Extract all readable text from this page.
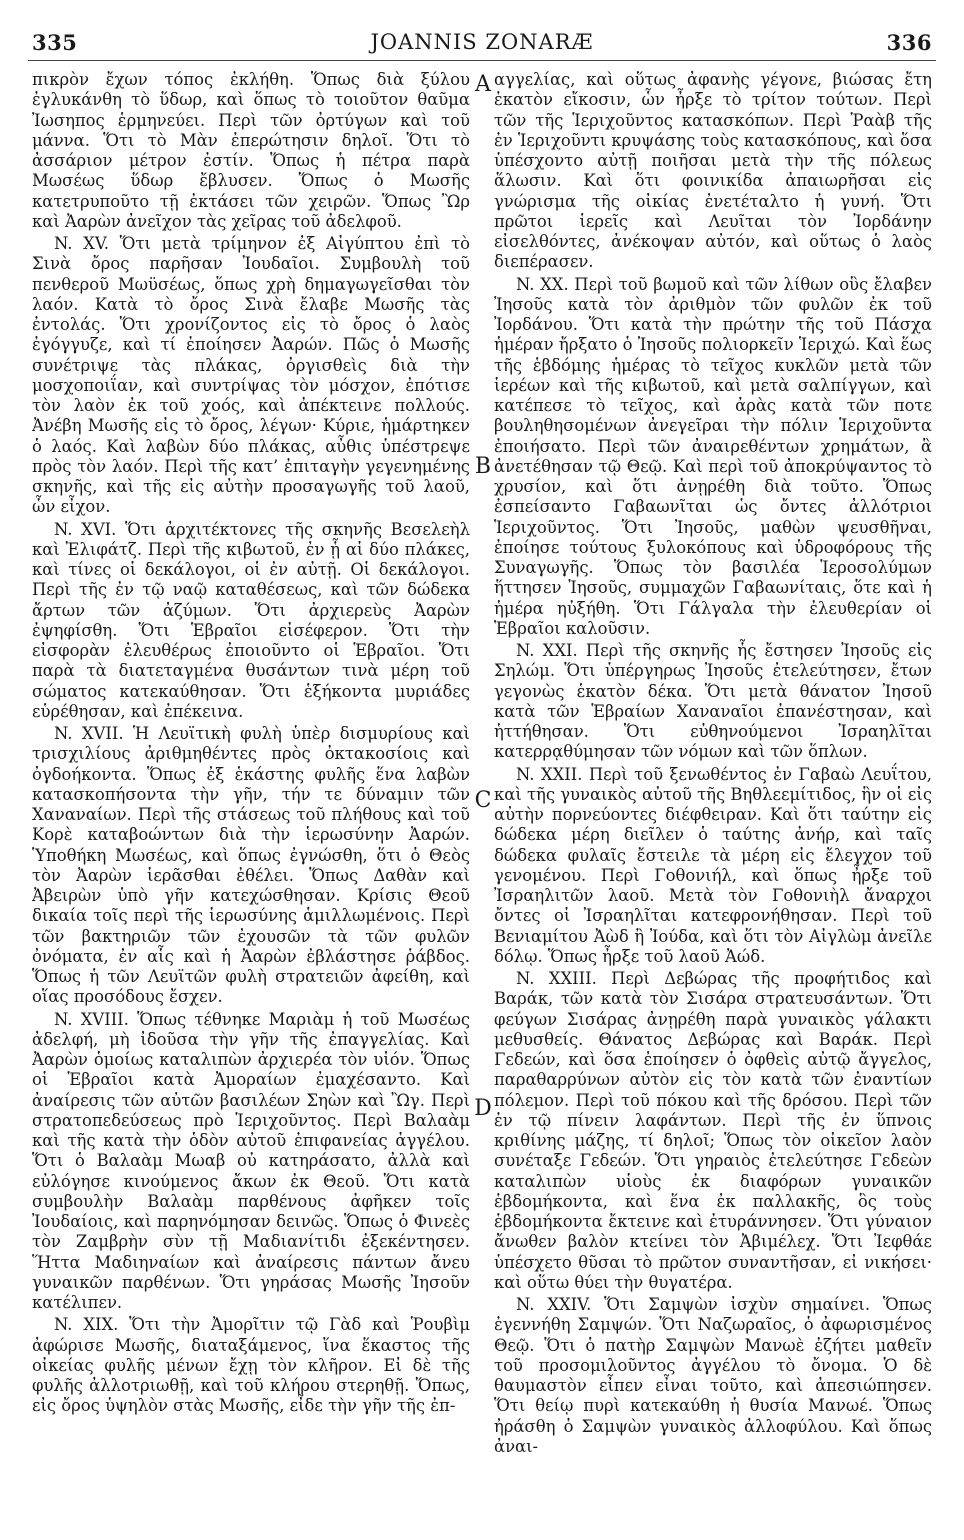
335	JOANNIS ZONARÆ	336

πικρὸν ἔχων τόπος ἐκλήθη. Ὅπως διὰ ξύλου ἐγλυκάνθη τὸ ὕδωρ, καὶ ὅπως τὸ τοιοῦτον θαῦμα Ἰωσηπος ἑρμηνεύει. Περὶ τῶν ὀρτύγων καὶ τοῦ μάννα. Ὅτι τὸ Μὰν ἐπερώτησιν δηλοῖ. Ὅτι τὸ ἀσσάριον μέτρον ἐστίν. Ὅπως ἡ πέτρα παρὰ Μωσέως ὕδωρ ἔβλυσεν. Ὅπως ὁ Μωσῆς κατετρυποῦτο τῇ ἐκτάσει τῶν χειρῶν. Ὅπως Ὢρ καὶ Ἀαρὼν ἀνεῖχον τὰς χεῖρας τοῦ ἀδελφοῦ.

N. XV. Ὅτι μετὰ τρίμηνον ἐξ Αἰγύπτου ἐπὶ τὸ Σινὰ ὄρος παρῆσαν Ἰουδαῖοι. Συμβουλὴ τοῦ πενθεροῦ Μωϋσέως, ὅπως χρὴ δημαγωγεῖσθαι τὸν λαόν. Κατὰ τὸ ὄρος Σινὰ ἔλαβε Μωσῆς τὰς ἐντολάς. Ὅτι χρονίζοντος εἰς τὸ ὄρος ὁ λαὸς ἐγόγγυζε, καὶ τί ἐποίησεν Ἀαρών. Πῶς ὁ Μωσῆς συνέτριψε τὰς πλάκας, ὀργισθεὶς διὰ τὴν μοσχοποιΐαν, καὶ συντρίψας τὸν μόσχον, ἐπότισε τὸν λαὸν ἐκ τοῦ χοός, καὶ ἀπέκτεινε πολλούς. Ἀνέβη Μωσῆς εἰς τὸ ὄρος, λέγων· Κύριε, ἡμάρτηκεν ὁ λαός. Καὶ λαβὼν δύο πλάκας, αὖθις ὑπέστρεψε πρὸς τὸν λαόν. Περὶ τῆς κατ’ ἐπιταγὴν γεγενημένης σκηνῆς, καὶ τῆς εἰς αὐτὴν προσαγωγῆς τοῦ λαοῦ, ὧν εἶχον.

N. XVI. Ὅτι ἀρχιτέκτονες τῆς σκηνῆς Βεσελεὴλ καὶ Ἐλιφάτζ. Περὶ τῆς κιβωτοῦ, ἐν ᾗ αἱ δύο πλάκες, καὶ τίνες οἱ δεκάλογοι, οἱ ἐν αὐτῇ. Οἱ δεκάλογοι. Περὶ τῆς ἐν τῷ ναῷ καταθέσεως, καὶ τῶν δώδεκα ἄρτων τῶν ἀζύμων. Ὅτι ἀρχιερεὺς Ἀαρὼν ἐψηφίσθη. Ὅτι Ἑβραῖοι εἰσέφερον. Ὅτι τὴν εἰσφορὰν ἐλευθέρως ἐποιοῦντο οἱ Ἑβραῖοι. Ὅτι παρὰ τὰ διατεταγμένα θυσάντων τινὰ μέρη τοῦ σώματος κατεκαύθησαν. Ὅτι ἑξήκοντα μυριάδες εὑρέθησαν, καὶ ἐπέκεινα.

N. XVII. Ἡ Λευϊτικὴ φυλὴ ὑπὲρ δισμυρίους καὶ τρισχιλίους ἀριθμηθέντες πρὸς ὀκτακοσίοις καὶ ὀγδοήκοντα. Ὅπως ἐξ ἑκάστης φυλῆς ἕνα λαβὼν κατασκοπήσοντα τὴν γῆν, τήν τε δύναμιν τῶν Χαναναίων. Περὶ τῆς στάσεως τοῦ πλήθους καὶ τοῦ Κορὲ καταβοώντων διὰ τὴν ἱερωσύνην Ἀαρών. Ὑποθήκη Μωσέως, καὶ ὅπως ἐγνώσθη, ὅτι ὁ Θεὸς τὸν Ἀαρὼν ἱερᾶσθαι ἐθέλει. Ὅπως Δαθὰν καὶ Ἀβειρὼν ὑπὸ γῆν κατεχώσθησαν. Κρίσις Θεοῦ δικαία τοῖς περὶ τῆς ἱερωσύνης ἁμιλλωμένοις. Περὶ τῶν βακτηριῶν τῶν ἐχουσῶν τὰ τῶν φυλῶν ὀνόματα, ἐν αἷς καὶ ἡ Ἀαρὼν ἐβλάστησε ῥάβδος. Ὅπως ἡ τῶν Λευϊτῶν φυλὴ στρατειῶν ἀφείθη, καὶ οἵας προσόδους ἔσχεν.

N. XVIII. Ὅπως τέθνηκε Μαριὰμ ἡ τοῦ Μωσέως ἀδελφή, μὴ ἰδοῦσα τὴν γῆν τῆς ἐπαγγελίας. Καὶ Ἀαρὼν ὁμοίως καταλιπὼν ἀρχιερέα τὸν υἱόν. Ὅπως οἱ Ἑβραῖοι κατὰ Ἀμοραίων ἐμαχέσαντο. Καὶ ἀναίρεσις τῶν αὐτῶν βασιλέων Σηὼν καὶ Ὢγ. Περὶ στρατοπεδεύσεως πρὸ Ἱεριχοῦντος. Περὶ Βαλαὰμ καὶ τῆς κατὰ τὴν ὁδὸν αὐτοῦ ἐπιφανείας ἀγγέλου. Ὅτι ὁ Βαλαὰμ Μωαβ οὐ κατηράσατο, ἀλλὰ καὶ εὐλόγησε κινούμενος ἄκων ἐκ Θεοῦ. Ὅτι κατὰ συμβουλὴν Βαλαὰμ παρθένους ἀφῆκεν τοῖς Ἰουδαίοις, καὶ παρηνόμησαν δεινῶς. Ὅπως ὁ Φινεὲς τὸν Ζαμβρὴν σὺν τῇ Μαδιανίτιδι ἐξεκέντησεν. Ἥττα Μαδιηναίων καὶ ἀναίρεσις πάντων ἄνευ γυναικῶν παρθένων. Ὅτι γηράσας Μωσῆς Ἰησοῦν κατέλιπεν.

N. XIX. Ὅτι τὴν Ἀμορῖτιν τῷ Γὰδ καὶ Ῥουβὶμ ἀφώρισε Μωσῆς, διαταξάμενος, ἵνα ἕκαστος τῆς οἰκείας φυλῆς μένων ἔχῃ τὸν κλῆρον. Εἰ δὲ τῆς φυλῆς ἀλλοτριωθῇ, καὶ τοῦ κλήρου στερηθῇ. Ὅπως, εἰς ὄρος ὑψηλὸν στὰς Μωσῆς, εἶδε τὴν γῆν τῆς ἐπ-

A
B
C
D

αγγελίας, καὶ οὕτως ἀφανὴς γέγονε, βιώσας ἔτη ἑκατὸν εἴκοσιν, ὧν ἦρξε τὸ τρίτον τούτων. Περὶ τῶν τῆς Ἱεριχοῦντος κατασκόπων. Περὶ Ῥαὰβ τῆς ἐν Ἱεριχοῦντι κρυψάσης τοὺς κατασκόπους, καὶ ὅσα ὑπέσχοντο αὐτῇ ποιῆσαι μετὰ τὴν τῆς πόλεως ἅλωσιν. Καὶ ὅτι φοινικίδα ἀπαιωρῆσαι εἰς γνώρισμα τῆς οἰκίας ἐνετέταλτο ἡ γυνή. Ὅτι πρῶτοι ἱερεῖς καὶ Λευῖται τὸν Ἰορδάνην εἰσελθόντες, ἀνέκοψαν αὐτόν, καὶ οὕτως ὁ λαὸς διεπέρασεν.

N. XX. Περὶ τοῦ βωμοῦ καὶ τῶν λίθων οὓς ἔλαβεν Ἰησοῦς κατὰ τὸν ἀριθμὸν τῶν φυλῶν ἐκ τοῦ Ἰορδάνου. Ὅτι κατὰ τὴν πρώτην τῆς τοῦ Πάσχα ἡμέραν ἤρξατο ὁ Ἰησοῦς πολιορκεῖν Ἱεριχώ. Καὶ ἕως τῆς ἑβδόμης ἡμέρας τὸ τεῖχος κυκλῶν μετὰ τῶν ἱερέων καὶ τῆς κιβωτοῦ, καὶ μετὰ σαλπίγγων, καὶ κατέπεσε τὸ τεῖχος, καὶ ἀρὰς κατὰ τῶν ποτε βουληθησομένων ἀνεγεῖραι τὴν πόλιν Ἱεριχοῦντα ἐποιήσατο. Περὶ τῶν ἀναιρεθέντων χρημάτων, ἃ ἀνετέθησαν τῷ Θεῷ. Καὶ περὶ τοῦ ἀποκρύψαντος τὸ χρυσίον, καὶ ὅτι ἀνῃρέθη διὰ τοῦτο. Ὅπως ἐσπείσαντο Γαβαωνῖται ὡς ὄντες ἀλλότριοι Ἱεριχοῦντος. Ὅτι Ἰησοῦς, μαθὼν ψευσθῆναι, ἐποίησε τούτους ξυλοκόπους καὶ ὑδροφόρους τῆς Συναγωγῆς. Ὅπως τὸν βασιλέα Ἱεροσολύμων ἥττησεν Ἰησοῦς, συμμαχῶν Γαβαωνίταις, ὅτε καὶ ἡ ἡμέρα ηὐξήθη. Ὅτι Γάλγαλα τὴν ἐλευθερίαν οἱ Ἑβραῖοι καλοῦσιν.

N. XXI. Περὶ τῆς σκηνῆς ἧς ἔστησεν Ἰησοῦς εἰς Σηλώμ. Ὅτι ὑπέργηρως Ἰησοῦς ἐτελεύτησεν, ἔτων γεγονὼς ἑκατὸν δέκα. Ὅτι μετὰ θάνατον Ἰησοῦ κατὰ τῶν Ἑβραίων Χαναναῖοι ἐπανέστησαν, καὶ ἡττήθησαν. Ὅτι εὐθηνούμενοι Ἰσραηλῖται κατερρᾳθύμησαν τῶν νόμων καὶ τῶν ὅπλων.

N. XXII. Περὶ τοῦ ξενωθέντος ἐν Γαβαὼ Λευΐτου, καὶ τῆς γυναικὸς αὐτοῦ τῆς Βηθλεεμίτιδος, ἣν οἱ εἰς αὐτὴν πορνεύοντες διέφθειραν. Καὶ ὅτι ταύτην εἰς δώδεκα μέρη διεῖλεν ὁ ταύτης ἀνήρ, καὶ ταῖς δώδεκα φυλαῖς ἔστειλε τὰ μέρη εἰς ἔλεγχον τοῦ γενομένου. Περὶ Γοθονιήλ, καὶ ὅπως ἦρξε τοῦ Ἰσραηλιτῶν λαοῦ. Μετὰ τὸν Γοθονιὴλ ἄναρχοι ὄντες οἱ Ἰσραηλῖται κατεφρονήθησαν. Περὶ τοῦ Βενιαμίτου Ἀὼδ ἢ Ἰούδα, καὶ ὅτι τὸν Αἰγλὼμ ἀνεῖλε δόλῳ. Ὅπως ἦρξε τοῦ λαοῦ Ἀώδ.

N. XXIII. Περὶ Δεβώρας τῆς προφήτιδος καὶ Βαράκ, τῶν κατὰ τὸν Σισάρα στρατευσάντων. Ὅτι φεύγων Σισάρας ἀνῃρέθη παρὰ γυναικὸς γάλακτι μεθυσθείς. Θάνατος Δεβώρας καὶ Βαράκ. Περὶ Γεδεών, καὶ ὅσα ἐποίησεν ὁ ὀφθεὶς αὐτῷ ἄγγελος, παραθαρρύνων αὐτὸν εἰς τὸν κατὰ τῶν ἐναντίων πόλεμον. Περὶ τοῦ πόκου καὶ τῆς δρόσου. Περὶ τῶν ἐν τῷ πίνειν λαφάντων. Περὶ τῆς ἐν ὕπνοις κριθίνης μάζης, τί δηλοῖ; Ὅπως τὸν οἰκεῖον λαὸν συνέταξε Γεδεών. Ὅτι γηραιὸς ἐτελεύτησε Γεδεὼν καταλιπὼν υἱοὺς ἐκ διαφόρων γυναικῶν ἑβδομήκοντα, καὶ ἕνα ἐκ παλλακῆς, ὃς τοὺς ἑβδομήκοντα ἔκτεινε καὶ ἐτυράννησεν. Ὅτι γύναιον ἄνωθεν βαλὸν κτείνει τὸν Ἀβιμέλεχ. Ὅτι Ἰεφθάε ὑπέσχετο θῦσαι τὸ πρῶτον συναντῆσαν, εἰ νικήσει· καὶ οὕτω θύει τὴν θυγατέρα.

N. XXIV. Ὅτι Σαμψὼν ἰσχὺν σημαίνει. Ὅπως ἐγεννήθη Σαμψών. Ὅτι Ναζωραῖος, ὁ ἀφωρισμένος Θεῷ. Ὅτι ὁ πατὴρ Σαμψὼν Μανωὲ ἐζήτει μαθεῖν τοῦ προσομιλοῦντος ἀγγέλου τὸ ὄνομα. Ὁ δὲ θαυμαστὸν εἶπεν εἶναι τοῦτο, καὶ ἀπεσιώπησεν. Ὅτι θείῳ πυρὶ κατεκαύθη ἡ θυσία Μανωέ. Ὅπως ἠράσθη ὁ Σαμψὼν γυναικὸς ἀλλοφύλου. Καὶ ὅπως ἀναι-
